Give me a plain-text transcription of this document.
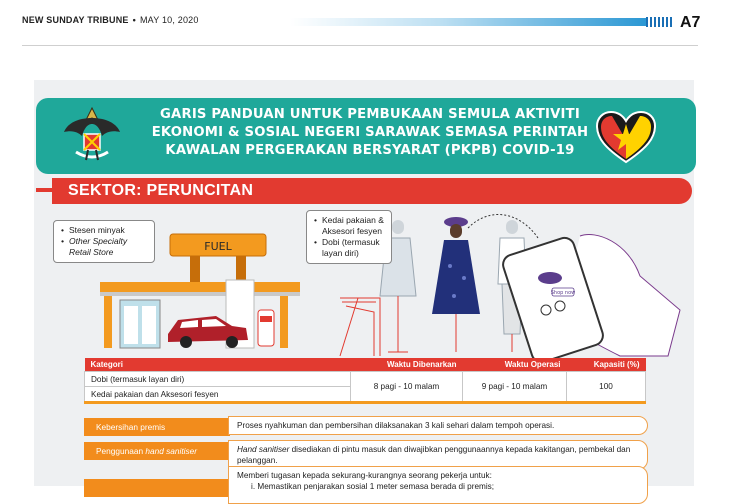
NEW SUNDAY TRIBUNE • MAY 10, 2020	A7
GARIS PANDUAN UNTUK PEMBUKAAN SEMULA AKTIVITI
EKONOMI & SOSIAL NEGERI SARAWAK SEMASA PERINTAH
KAWALAN PERGERAKAN BERSYARAT (PKPB) COVID-19
SEKTOR: PERUNCITAN
FUEL
Shop now
• Stesen minyak
• Other Specialty Retail Store
• Kedai pakaian & Aksesori fesyen
• Dobi (termasuk layan diri)
Kategori	Waktu Dibenarkan	Waktu Operasi	Kapasiti (%)
Dobi (termasuk layan diri)	8 pagi - 10 malam	9 pagi - 10 malam	100
Kedai pakaian dan Aksesori fesyen			
Kebersihan premis	Proses nyahkuman dan pembersihan dilaksanakan 3 kali sehari dalam tempoh operasi.
Penggunaan hand sanitiser	Hand sanitiser disediakan di pintu masuk dan diwajibkan penggunaannya kepada kakitangan, pembekal dan pelanggan.
Memberi tugasan kepada sekurang-kurangnya seorang pekerja untuk:
i. Memastikan penjarakan sosial 1 meter semasa berada di premis;
